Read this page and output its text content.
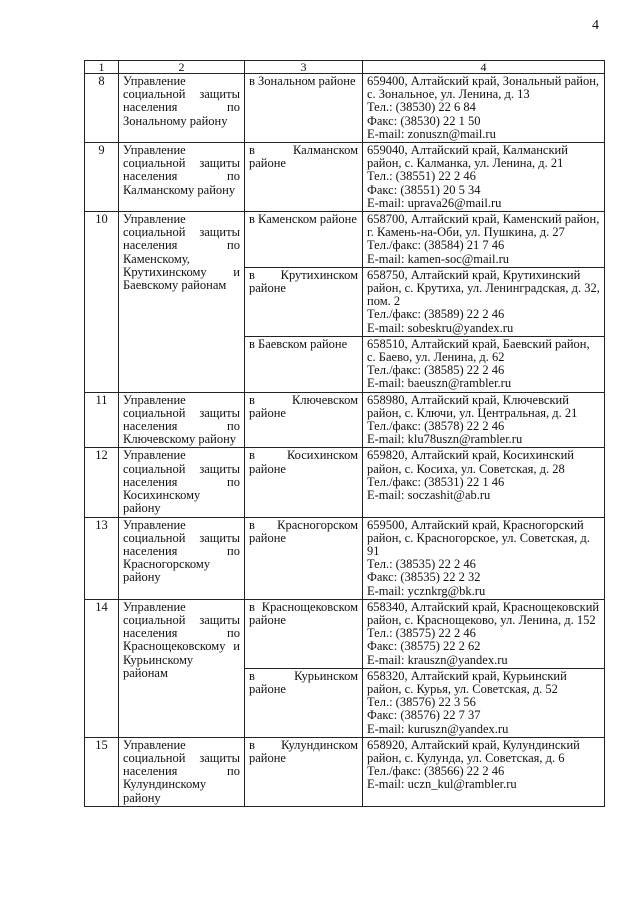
4
1	2	3	4
8	Управление социальной защиты населения по Зональному району	в Зональном районе	659400, Алтайский край, Зональный район, с. Зональное, ул. Ленина, д. 13
Тел.: (38530) 22 6 84
Факс: (38530) 22 1 50
E-mail: zonuszn@mail.ru

9	Управление социальной защиты населения по Калманскому району	в Калманском районе	659040, Алтайский край, Калманский район, с. Калманка, ул. Ленина, д. 21
Тел.: (38551) 22 2 46
Факс: (38551) 20 5 34
E-mail: uprava26@mail.ru

10	Управление социальной защиты населения по Каменскому, Крутихинскому и Баевскому районам	в Каменском районе	658700, Алтайский край, Каменский район, г. Камень-на-Оби, ул. Пушкина, д. 27
Тел./факс: (38584) 21 7 46
E-mail: kamen-soc@mail.ru

		в Крутихинском районе	658750, Алтайский край, Крутихинский район, с. Крутиха, ул. Ленинградская, д. 32, пом. 2
Тел./факс: (38589) 22 2 46
E-mail: sobeskru@yandex.ru

		в Баевском районе	658510, Алтайский край, Баевский район, с. Баево, ул. Ленина, д. 62
Тел./факс: (38585) 22 2 46
E-mail: baeuszn@rambler.ru

11	Управление социальной защиты населения по Ключевскому району	в Ключевском районе	658980, Алтайский край, Ключевский район, с. Ключи, ул. Центральная, д. 21
Тел./факс: (38578) 22 2 46
E-mail: klu78uszn@rambler.ru

12	Управление социальной защиты населения по Косихинскому району	в Косихинском районе	659820, Алтайский край, Косихинский район, с. Косиха, ул. Советская, д. 28
Тел./факс: (38531) 22 1 46
E-mail: soczashit@ab.ru

13	Управление социальной защиты населения по Красногорскому району	в Красногорском районе	659500, Алтайский край, Красногорский район, с. Красногорское, ул. Советская, д. 91
Тел.: (38535) 22 2 46
Факс: (38535) 22 2 32
E-mail: ycznkrg@bk.ru

14	Управление социальной защиты населения по Краснощековскому и Курьинскому районам	в Краснощековском районе	658340, Алтайский край, Краснощековский район, с. Краснощеково, ул. Ленина, д. 152
Тел.: (38575) 22 2 46
Факс: (38575) 22 2 62
E-mail: krauszn@yandex.ru

		в Курьинском районе	658320, Алтайский край, Курьинский район, с. Курья, ул. Советская, д. 52
Тел.: (38576) 22 3 56
Факс: (38576) 22 7 37
E-mail: kuruszn@yandex.ru

15	Управление социальной защиты населения по Кулундинскому району	в Кулундинском районе	658920, Алтайский край, Кулундинский район, с. Кулунда, ул. Советская, д. 6
Тел./факс: (38566) 22 2 46
E-mail: uczn_kul@rambler.ru
